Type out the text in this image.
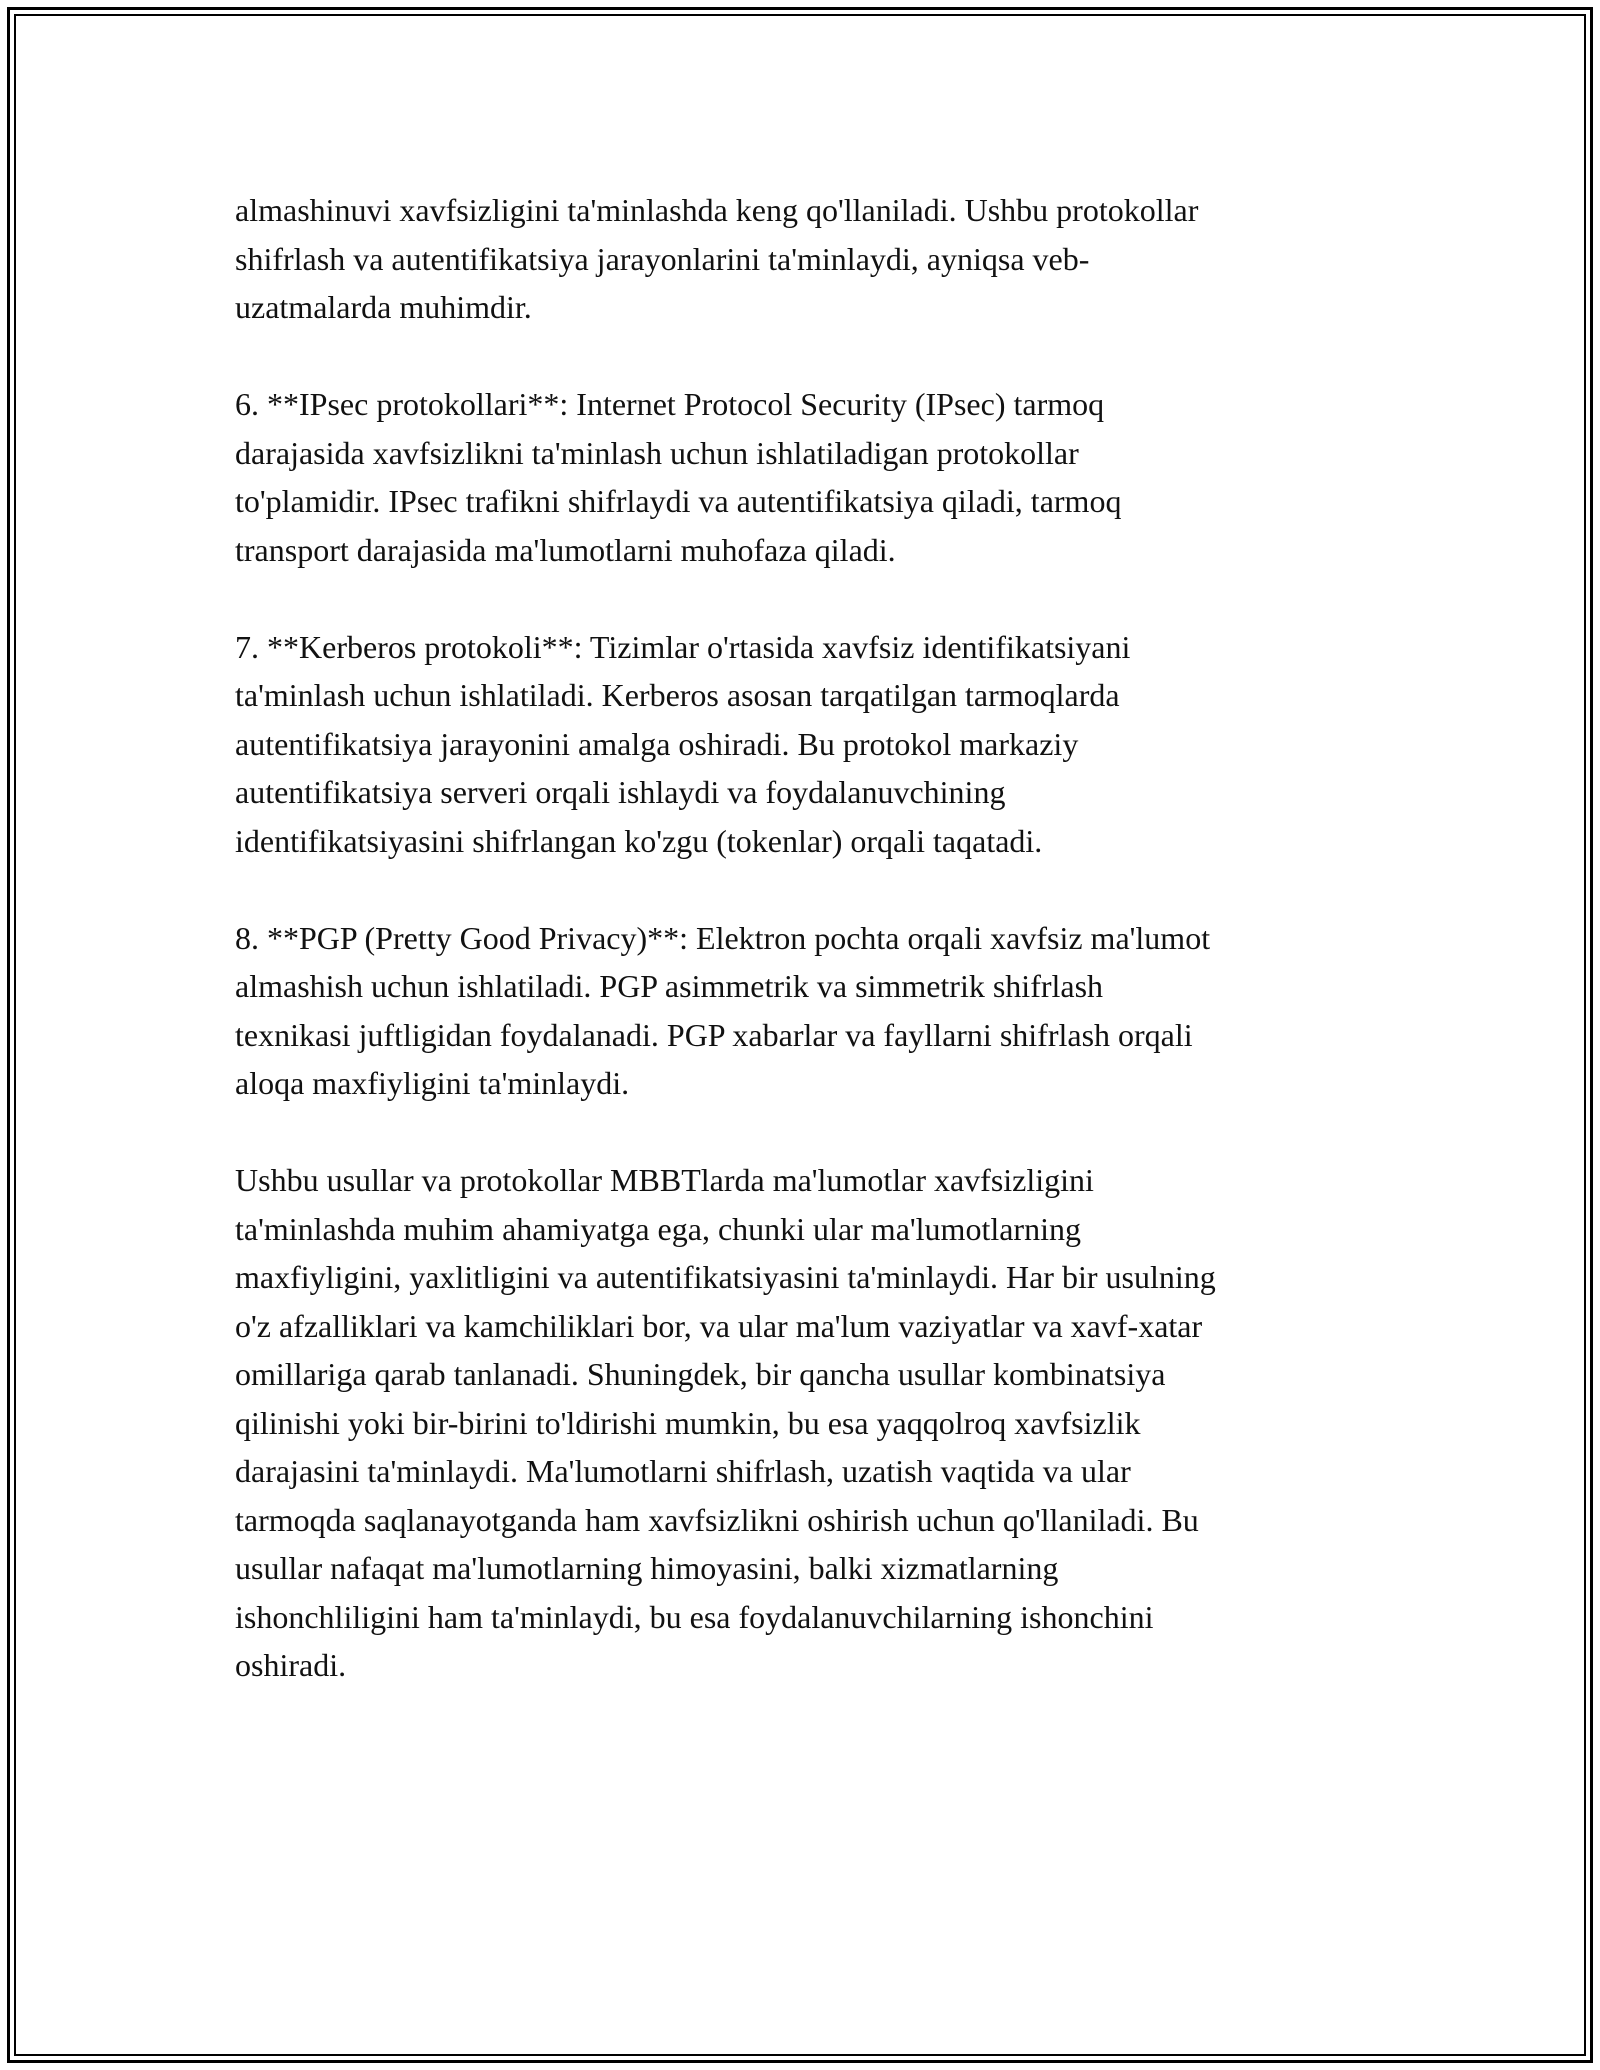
almashinuvi xavfsizligini ta'minlashda keng qo'llaniladi. Ushbu protokollar
shifrlash va autentifikatsiya jarayonlarini ta'minlaydi, ayniqsa veb-
uzatmalarda muhimdir.

6. **IPsec protokollari**: Internet Protocol Security (IPsec) tarmoq
darajasida xavfsizlikni ta'minlash uchun ishlatiladigan protokollar
to'plamidir. IPsec trafikni shifrlaydi va autentifikatsiya qiladi, tarmoq
transport darajasida ma'lumotlarni muhofaza qiladi.

7. **Kerberos protokoli**: Tizimlar o'rtasida xavfsiz identifikatsiyani
ta'minlash uchun ishlatiladi. Kerberos asosan tarqatilgan tarmoqlarda
autentifikatsiya jarayonini amalga oshiradi. Bu protokol markaziy
autentifikatsiya serveri orqali ishlaydi va foydalanuvchining
identifikatsiyasini shifrlangan ko'zgu (tokenlar) orqali taqatadi.

8. **PGP (Pretty Good Privacy)**: Elektron pochta orqali xavfsiz ma'lumot
almashish uchun ishlatiladi. PGP asimmetrik va simmetrik shifrlash
texnikasi juftligidan foydalanadi. PGP xabarlar va fayllarni shifrlash orqali
aloqa maxfiyligini ta'minlaydi.

Ushbu usullar va protokollar MBBTlarda ma'lumotlar xavfsizligini
ta'minlashda muhim ahamiyatga ega, chunki ular ma'lumotlarning
maxfiyligini, yaxlitligini va autentifikatsiyasini ta'minlaydi. Har bir usulning
o'z afzalliklari va kamchiliklari bor, va ular ma'lum vaziyatlar va xavf-xatar
omillariga qarab tanlanadi. Shuningdek, bir qancha usullar kombinatsiya
qilinishi yoki bir-birini to'ldirishi mumkin, bu esa yaqqolroq xavfsizlik
darajasini ta'minlaydi. Ma'lumotlarni shifrlash, uzatish vaqtida va ular
tarmoqda saqlanayotganda ham xavfsizlikni oshirish uchun qo'llaniladi. Bu
usullar nafaqat ma'lumotlarning himoyasini, balki xizmatlarning
ishonchliligini ham ta'minlaydi, bu esa foydalanuvchilarning ishonchini
oshiradi.
